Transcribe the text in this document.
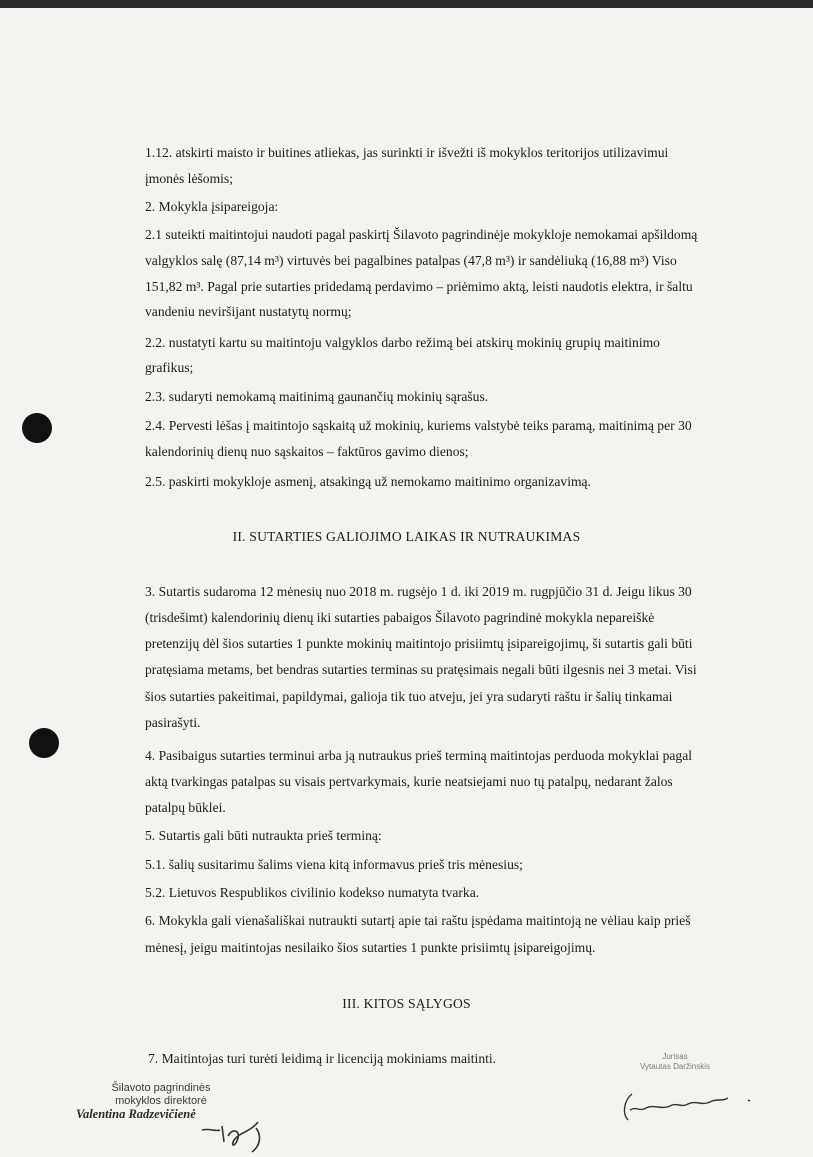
1.12. atskirti maisto ir buitines atliekas, jas surinkti ir išvežti iš mokyklos teritorijos utilizavimui
įmonės lėšomis;
2. Mokykla įsipareigoja:
2.1 suteikti maitintojui naudoti pagal paskirtį Šilavoto pagrindinėje mokykloje nemokamai apšildomą
valgyklos salę (87,14 m³) virtuvės bei pagalbines patalpas (47,8 m³) ir sandėliuką (16,88 m³) Viso
151,82 m³. Pagal prie sutarties pridedamą perdavimo – priėmimo aktą, leisti naudotis elektra, ir šaltu
vandeniu neviršijant nustatytų normų;
2.2. nustatyti kartu su maitintoju valgyklos darbo režimą bei atskirų mokinių grupių maitinimo
grafikus;
2.3. sudaryti nemokamą maitinimą gaunančių mokinių sąrašus.
2.4. Pervesti lėšas į maitintojo sąskaitą už mokinių, kuriems valstybė teiks paramą, maitinimą per 30
kalendorinių dienų nuo sąskaitos – faktūros gavimo dienos;
2.5. paskirti mokykloje asmenį, atsakingą už nemokamo maitinimo organizavimą.
II. SUTARTIES GALIOJIMO LAIKAS IR NUTRAUKIMAS
3. Sutartis sudaroma 12 mėnesių nuo 2018 m. rugsėjo 1 d. iki 2019 m. rugpjūčio 31 d. Jeigu likus 30
(trisdešimt) kalendorinių dienų iki sutarties pabaigos Šilavoto pagrindinė mokykla nepareiškė
pretenzijų dėl šios sutarties 1 punkte mokinių maitintojo prisiimtų įsipareigojimų, ši sutartis gali būti
pratęsiama metams, bet bendras sutarties terminas su pratęsimais negali būti ilgesnis nei 3 metai. Visi
šios sutarties pakeitimai, papildymai, galioja tik tuo atveju, jei yra sudaryti raštu ir šalių tinkamai
pasirašyti.
4. Pasibaigus sutarties terminui arba ją nutraukus prieš terminą maitintojas perduoda mokyklai pagal
aktą tvarkingas patalpas su visais pertvarkymais, kurie neatsiejami nuo tų patalpų, nedarant žalos
patalpų būklei.
5. Sutartis gali būti nutraukta prieš terminą:
5.1. šalių susitarimu šalims viena kitą informavus prieš tris mėnesius;
5.2. Lietuvos Respublikos civilinio kodekso numatyta tvarka.
6. Mokykla gali vienašališkai nutraukti sutartį apie tai raštu įspėdama maitintoją ne vėliau kaip prieš
mėnesį, jeigu maitintojas nesilaiko šios sutarties 1 punkte prisiimtų įsipareigojimų.
III. KITOS SĄLYGOS
7. Maitintojas turi turėti leidimą ir licenciją mokiniams maitinti.
Šilavoto pagrindinės
mokyklos direktorė
Valentina Radzevičienė
Jurisas
Vytautas Daržinskis
